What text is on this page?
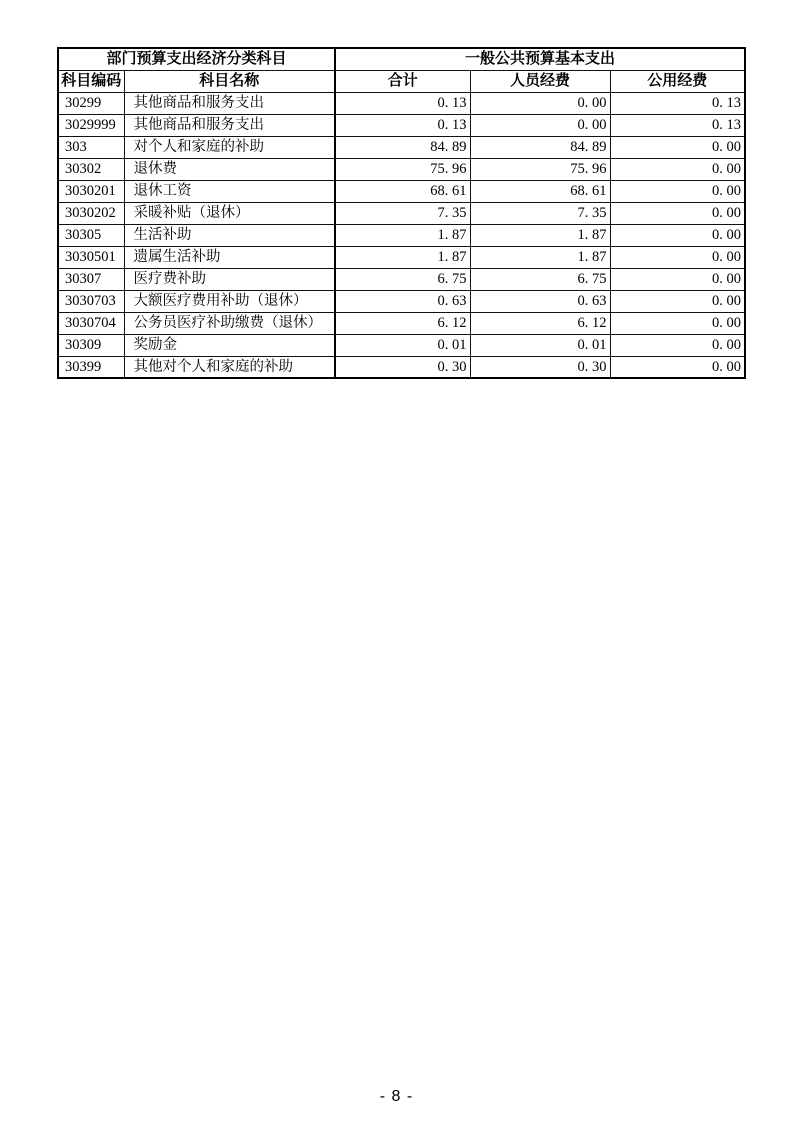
部门预算支出经济分类科目		一般公共预算基本支出		
科目编码	科目名称	合计	人员经费	公用经费
30299	其他商品和服务支出	0. 13	0. 00	0. 13
3029999	其他商品和服务支出	0. 13	0. 00	0. 13
303	对个人和家庭的补助	84. 89	84. 89	0. 00
30302	退休费	75. 96	75. 96	0. 00
3030201	退休工资	68. 61	68. 61	0. 00
3030202	采暖补贴（退休）	7. 35	7. 35	0. 00
30305	生活补助	1. 87	1. 87	0. 00
3030501	遗属生活补助	1. 87	1. 87	0. 00
30307	医疗费补助	6. 75	6. 75	0. 00
3030703	大额医疗费用补助（退休）	0. 63	0. 63	0. 00
3030704	公务员医疗补助缴费（退休）	6. 12	6. 12	0. 00
30309	奖励金	0. 01	0. 01	0. 00
30399	其他对个人和家庭的补助	0. 30	0. 30	0. 00
- 8 -
